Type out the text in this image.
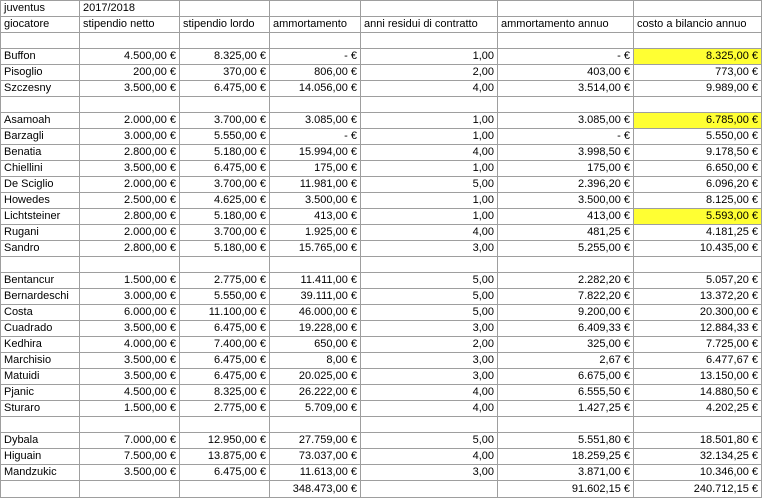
juventus	2017/2018					
giocatore	stipendio netto	stipendio lordo	ammortamento	anni residui di contratto	ammortamento annuo	costo a bilancio annuo

Buffon	4.500,00 €	8.325,00 €	- €	1,00	- €	8.325,00 €
Pisoglio	200,00 €	370,00 €	806,00 €	2,00	403,00 €	773,00 €
Szczesny	3.500,00 €	6.475,00 €	14.056,00 €	4,00	3.514,00 €	9.989,00 €

Asamoah	2.000,00 €	3.700,00 €	3.085,00 €	1,00	3.085,00 €	6.785,00 €
Barzagli	3.000,00 €	5.550,00 €	- €	1,00	- €	5.550,00 €
Benatia	2.800,00 €	5.180,00 €	15.994,00 €	4,00	3.998,50 €	9.178,50 €
Chiellini	3.500,00 €	6.475,00 €	175,00 €	1,00	175,00 €	6.650,00 €
De Sciglio	2.000,00 €	3.700,00 €	11.981,00 €	5,00	2.396,20 €	6.096,20 €
Howedes	2.500,00 €	4.625,00 €	3.500,00 €	1,00	3.500,00 €	8.125,00 €
Lichtsteiner	2.800,00 €	5.180,00 €	413,00 €	1,00	413,00 €	5.593,00 €
Rugani	2.000,00 €	3.700,00 €	1.925,00 €	4,00	481,25 €	4.181,25 €
Sandro	2.800,00 €	5.180,00 €	15.765,00 €	3,00	5.255,00 €	10.435,00 €

Bentancur	1.500,00 €	2.775,00 €	11.411,00 €	5,00	2.282,20 €	5.057,20 €
Bernardeschi	3.000,00 €	5.550,00 €	39.111,00 €	5,00	7.822,20 €	13.372,20 €
Costa	6.000,00 €	11.100,00 €	46.000,00 €	5,00	9.200,00 €	20.300,00 €
Cuadrado	3.500,00 €	6.475,00 €	19.228,00 €	3,00	6.409,33 €	12.884,33 €
Kedhira	4.000,00 €	7.400,00 €	650,00 €	2,00	325,00 €	7.725,00 €
Marchisio	3.500,00 €	6.475,00 €	8,00 €	3,00	2,67 €	6.477,67 €
Matuidi	3.500,00 €	6.475,00 €	20.025,00 €	3,00	6.675,00 €	13.150,00 €
Pjanic	4.500,00 €	8.325,00 €	26.222,00 €	4,00	6.555,50 €	14.880,50 €
Sturaro	1.500,00 €	2.775,00 €	5.709,00 €	4,00	1.427,25 €	4.202,25 €

Dybala	7.000,00 €	12.950,00 €	27.759,00 €	5,00	5.551,80 €	18.501,80 €
Higuain	7.500,00 €	13.875,00 €	73.037,00 €	4,00	18.259,25 €	32.134,25 €
Mandzukic	3.500,00 €	6.475,00 €	11.613,00 €	3,00	3.871,00 €	10.346,00 €
			348.473,00 €		91.602,15 €	240.712,15 €
